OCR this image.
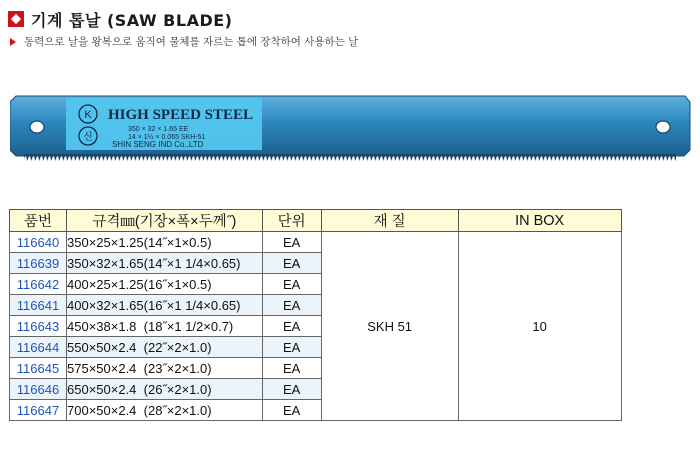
기계 톱날 (SAW BLADE)
동력으로 날을 왕복으로 움직여 물체를 자르는 톱에 장착하여 사용하는 날
K
신
HIGH SPEED STEEL
350 × 32 × 1.65 EE
14 × 1¼ × 0.065 SKH-51
SHIN SENG IND Co.,LTD
품번	규격㎜(기장×폭×두께˝)		단위	재 질	IN BOX
116640	350×25×1.25	(14˝×1×0.5)	EA	SKH 51	10
116639	350×32×1.65	(14˝×1 1/4×0.65)	EA		
116642	400×25×1.25	(16˝×1×0.5)	EA		
116641	400×32×1.65	(16˝×1 1/4×0.65)	EA		
116643	450×38×1.8	(18˝×1 1/2×0.7)	EA		
116644	550×50×2.4	(22˝×2×1.0)	EA		
116645	575×50×2.4	(23˝×2×1.0)	EA		
116646	650×50×2.4	(26˝×2×1.0)	EA		
116647	700×50×2.4	(28˝×2×1.0)	EA		
